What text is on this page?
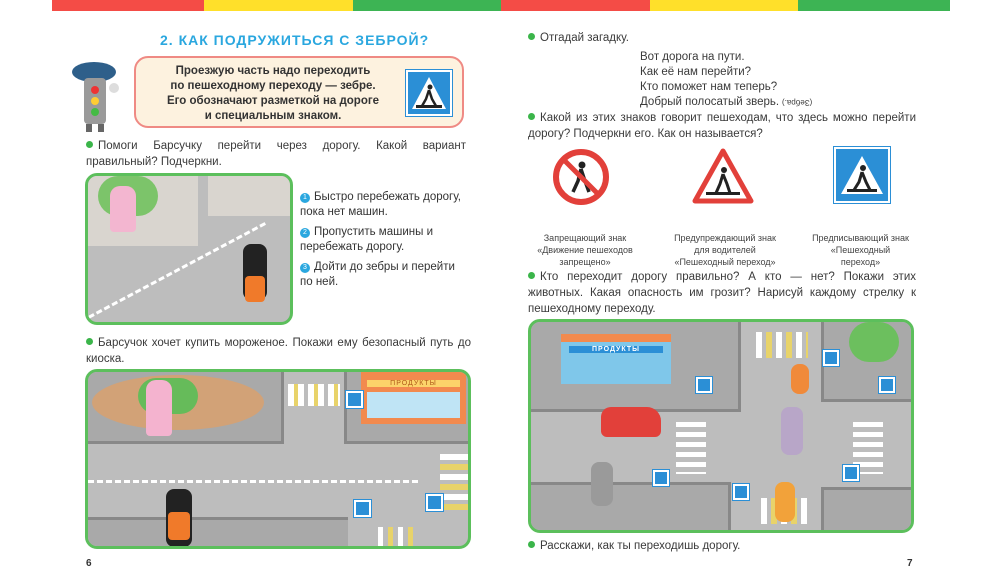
2. КАК ПОДРУЖИТЬСЯ С ЗЕБРОЙ?
Проезжую часть надо переходить
по пешеходному переходу — зебре.
Его обозначают разметкой на дороге
и специальным знаком.
Помоги Барсучку перейти через дорогу. Какой вариант правильный? Подчеркни.
1 Быстро перебежать дорогу, пока нет машин.
2 Пропустить машины и перебежать дорогу.
3 Дойти до зебры и перейти по ней.
Барсучок хочет купить мороженое. Покажи ему безопасный путь до киоска.
ПРОДУКТЫ
6
Отгадай загадку.
Вот дорога на пути.
Как её нам перейти?
Кто поможет нам теперь?
Добрый полосатый зверь. (Зебра.)
Какой из этих знаков говорит пешеходам, что здесь можно перейти дорогу? Подчеркни его. Как он называется?
Запрещающий знак
«Движение пешеходов
запрещено»
Предупреждающий знак
для водителей
«Пешеходный переход»
Предписывающий знак
«Пешеходный
переход»
Кто переходит дорогу правильно? А кто — нет? Покажи этих животных. Какая опасность им грозит? Нарисуй каждому стрелку к пешеходному переходу.
ПРОДУКТЫ
Расскажи, как ты переходишь дорогу.
7
